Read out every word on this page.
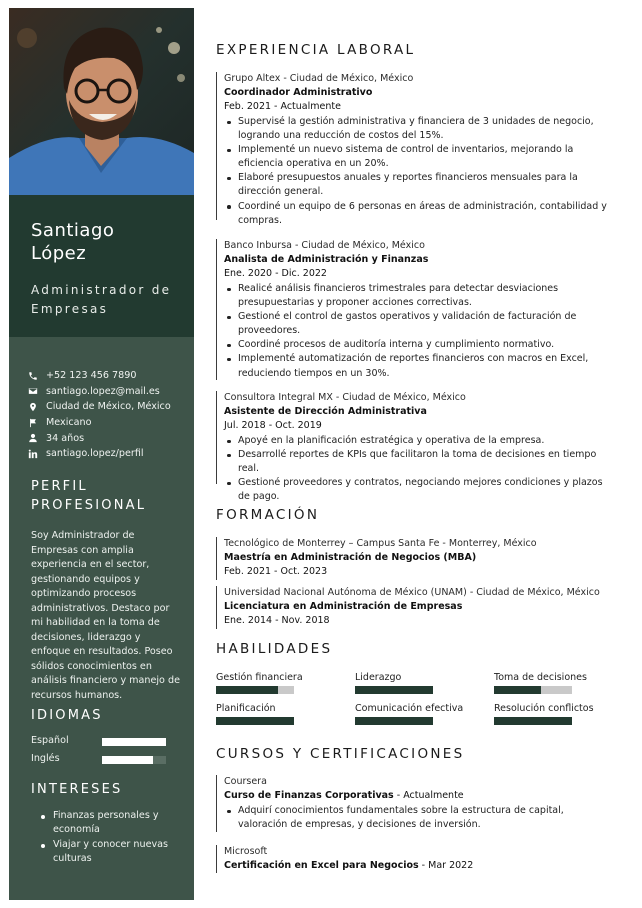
Santiago
López
Administrador de Empresas
+52 123 456 7890
santiago.lopez@mail.es
Ciudad de México, México
Mexicano
34 años
santiago.lopez/perfil
PERFIL
PROFESIONAL
Soy Administrador de Empresas con amplia experiencia en el sector, gestionando equipos y optimizando procesos administrativos. Destaco por mi habilidad en la toma de decisiones, liderazgo y enfoque en resultados. Poseo sólidos conocimientos en análisis financiero y manejo de recursos humanos.
IDIOMAS
Español
Inglés
INTERESES
Finanzas personales y economía
Viajar y conocer nuevas culturas
EXPERIENCIA LABORAL
Grupo Altex - Ciudad de México, México
Coordinador Administrativo
Feb. 2021 - Actualmente
Supervisé la gestión administrativa y financiera de 3 unidades de negocio, logrando una reducción de costos del 15%.
Implementé un nuevo sistema de control de inventarios, mejorando la eficiencia operativa en un 20%.
Elaboré presupuestos anuales y reportes financieros mensuales para la dirección general.
Coordiné un equipo de 6 personas en áreas de administración, contabilidad y compras.
Banco Inbursa - Ciudad de México, México
Analista de Administración y Finanzas
Ene. 2020 - Dic. 2022
Realicé análisis financieros trimestrales para detectar desviaciones presupuestarias y proponer acciones correctivas.
Gestioné el control de gastos operativos y validación de facturación de proveedores.
Coordiné procesos de auditoría interna y cumplimiento normativo.
Implementé automatización de reportes financieros con macros en Excel, reduciendo tiempos en un 30%.
Consultora Integral MX - Ciudad de México, México
Asistente de Dirección Administrativa
Jul. 2018 - Oct. 2019
Apoyé en la planificación estratégica y operativa de la empresa.
Desarrollé reportes de KPIs que facilitaron la toma de decisiones en tiempo real.
Gestioné proveedores y contratos, negociando mejores condiciones y plazos de pago.
FORMACIÓN
Tecnológico de Monterrey – Campus Santa Fe - Monterrey, México
Maestría en Administración de Negocios (MBA)
Feb. 2021 - Oct. 2023
Universidad Nacional Autónoma de México (UNAM) - Ciudad de México, México
Licenciatura en Administración de Empresas
Ene. 2014 - Nov. 2018
HABILIDADES
Gestión financiera	Liderazgo	Toma de decisiones
Planificación	Comunicación efectiva	Resolución conflictos
CURSOS Y CERTIFICACIONES
Coursera
Curso de Finanzas Corporativas - Actualmente
Adquirí conocimientos fundamentales sobre la estructura de capital, valoración de empresas, y decisiones de inversión.
Microsoft
Certificación en Excel para Negocios - Mar 2022
